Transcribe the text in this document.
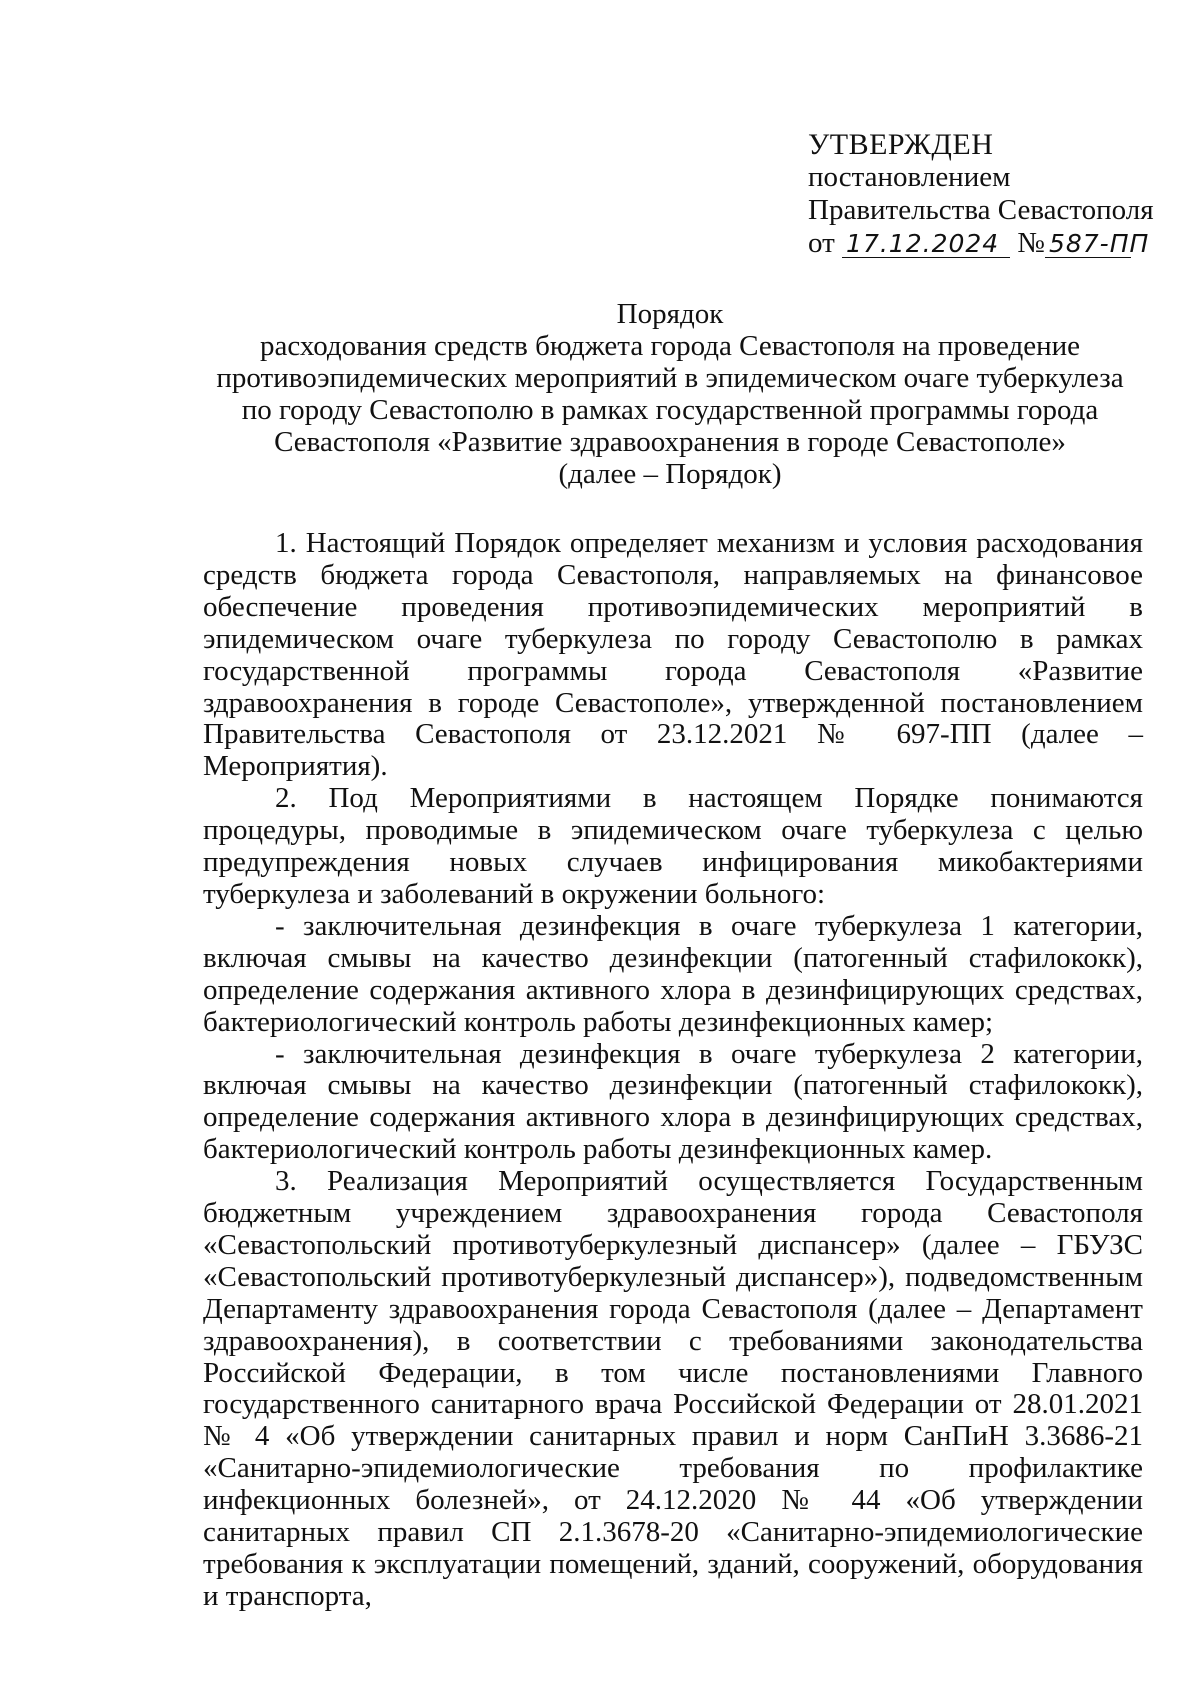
УТВЕРЖДЕН
постановлением
Правительства Севастополя
от 17.12.2024 № 587-ПП
Порядок
расходования средств бюджета города Севастополя на проведение
противоэпидемических мероприятий в эпидемическом очаге туберкулеза
по городу Севастополю в рамках государственной программы города
Севастополя «Развитие здравоохранения в городе Севастополе»
(далее – Порядок)

1. Настоящий Порядок определяет механизм и условия расходования средств бюджета города Севастополя, направляемых на финансовое обеспечение проведения противоэпидемических мероприятий в эпидемическом очаге туберкулеза по городу Севастополю в рамках государственной программы города Севастополя «Развитие здравоохранения в городе Севастополе», утвержденной постановлением Правительства Севастополя от 23.12.2021 № 697-ПП (далее – Мероприятия).

2. Под Мероприятиями в настоящем Порядке понимаются процедуры, проводимые в эпидемическом очаге туберкулеза с целью предупреждения новых случаев инфицирования микобактериями туберкулеза и заболеваний в окружении больного:

- заключительная дезинфекция в очаге туберкулеза 1 категории, включая смывы на качество дезинфекции (патогенный стафилококк), определение содержания активного хлора в дезинфицирующих средствах, бактериологический контроль работы дезинфекционных камер;

- заключительная дезинфекция в очаге туберкулеза 2 категории, включая смывы на качество дезинфекции (патогенный стафилококк), определение содержания активного хлора в дезинфицирующих средствах, бактериологический контроль работы дезинфекционных камер.

3. Реализация Мероприятий осуществляется Государственным бюджетным учреждением здравоохранения города Севастополя «Севастопольский противотуберкулезный диспансер» (далее – ГБУЗС «Севастопольский противотуберкулезный диспансер»), подведомственным Департаменту здравоохранения города Севастополя (далее – Департамент здравоохранения), в соответствии с требованиями законодательства Российской Федерации, в том числе постановлениями Главного государственного санитарного врача Российской Федерации от 28.01.2021 № 4 «Об утверждении санитарных правил и норм СанПиН 3.3686-21 «Санитарно-эпидемиологические требования по профилактике инфекционных болезней», от 24.12.2020 № 44 «Об утверждении санитарных правил СП 2.1.3678-20 «Санитарно-эпидемиологические требования к эксплуатации помещений, зданий, сооружений, оборудования и транспорта,
